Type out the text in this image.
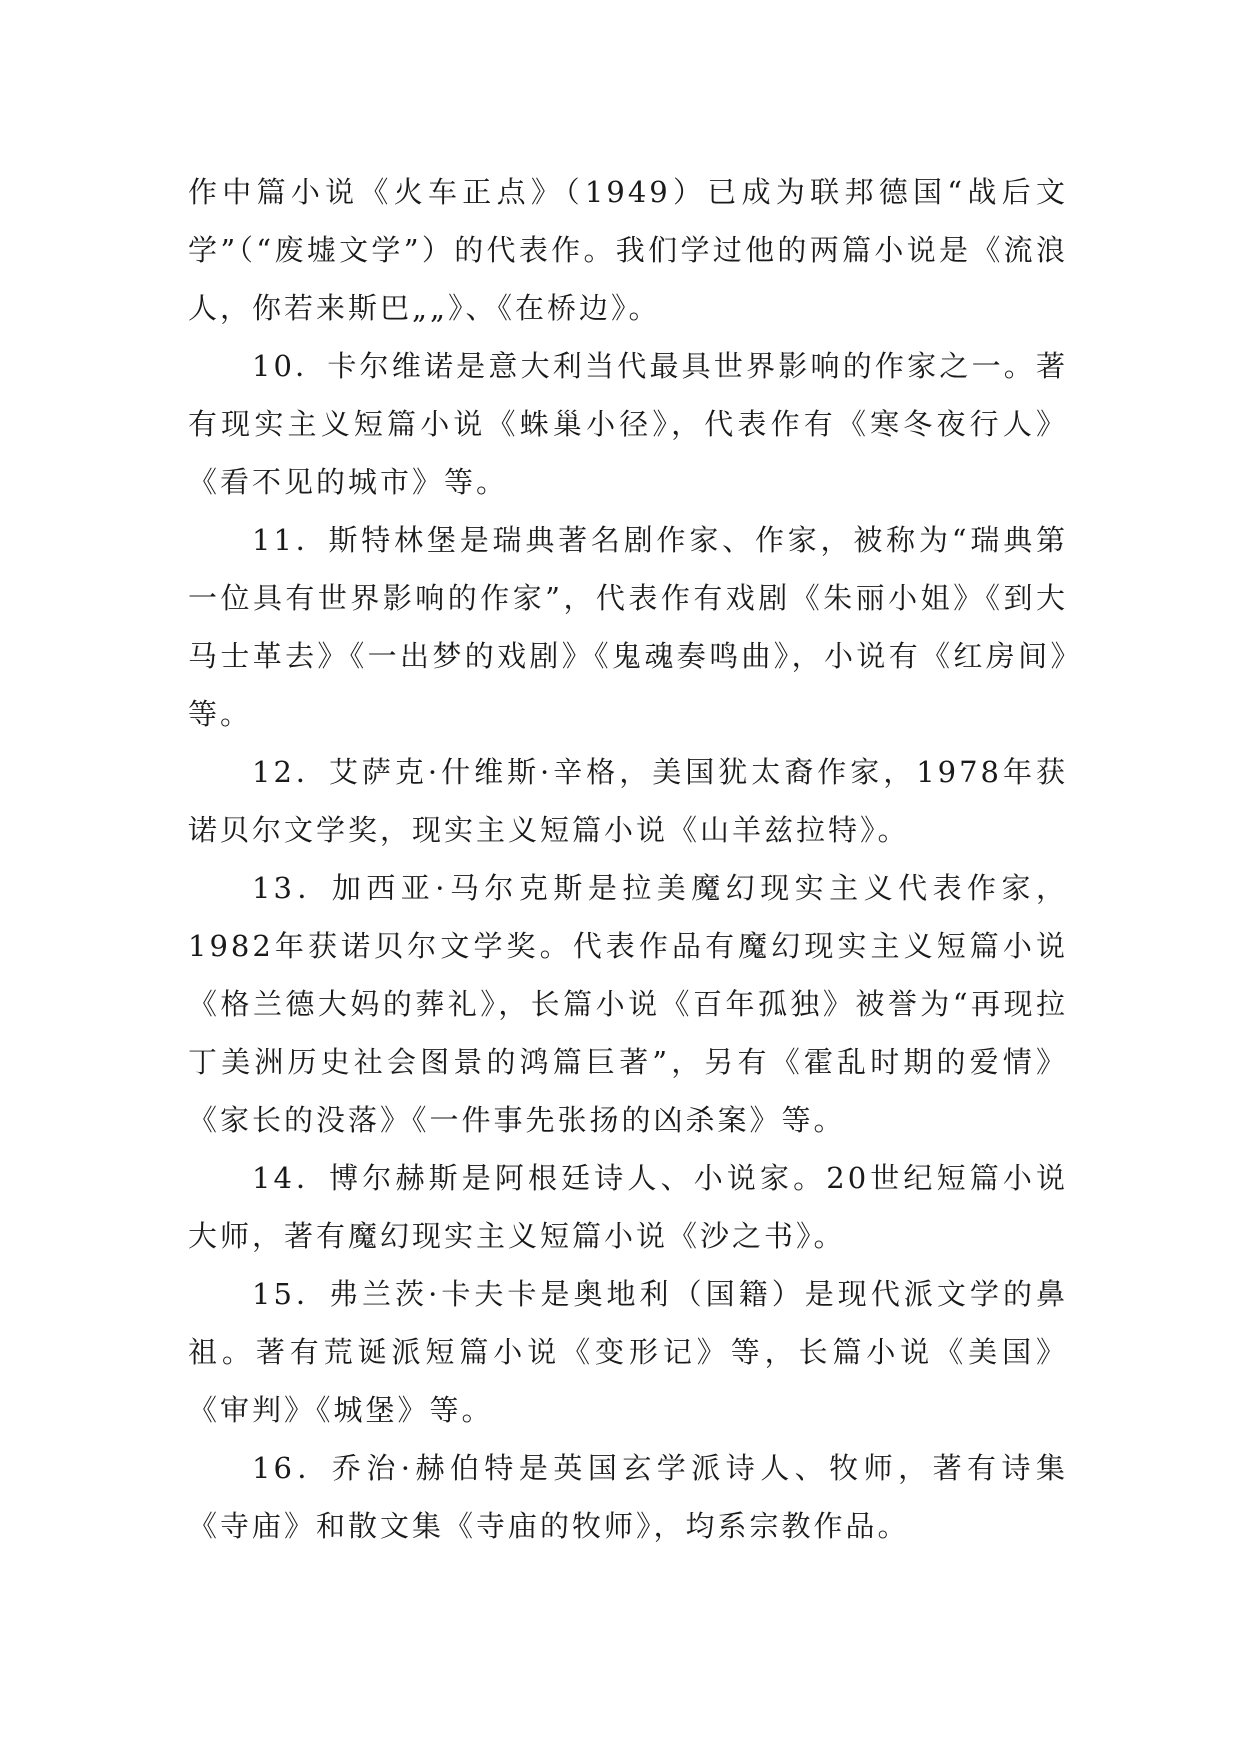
作中篇小说《火车正点》（1949）已成为联邦德国“战后文学”（“废墟文学”）的代表作。我们学过他的两篇小说是《流浪人，你若来斯巴„„》、《在桥边》。

10．卡尔维诺是意大利当代最具世界影响的作家之一。著有现实主义短篇小说《蛛巢小径》，代表作有《寒冬夜行人》《看不见的城市》等。

11．斯特林堡是瑞典著名剧作家、作家，被称为“瑞典第一位具有世界影响的作家”，代表作有戏剧《朱丽小姐》《到大马士革去》《一出梦的戏剧》《鬼魂奏鸣曲》，小说有《红房间》等。

12．艾萨克·什维斯·辛格，美国犹太裔作家，1978年获诺贝尔文学奖，现实主义短篇小说《山羊兹拉特》。

13．加西亚·马尔克斯是拉美魔幻现实主义代表作家，1982年获诺贝尔文学奖。代表作品有魔幻现实主义短篇小说《格兰德大妈的葬礼》，长篇小说《百年孤独》被誉为“再现拉丁美洲历史社会图景的鸿篇巨著”，另有《霍乱时期的爱情》《家长的没落》《一件事先张扬的凶杀案》等。

14．博尔赫斯是阿根廷诗人、小说家。20世纪短篇小说大师，著有魔幻现实主义短篇小说《沙之书》。

15．弗兰茨·卡夫卡是奥地利（国籍）是现代派文学的鼻祖。著有荒诞派短篇小说《变形记》等，长篇小说《美国》《审判》《城堡》等。

16．乔治·赫伯特是英国玄学派诗人、牧师，著有诗集《寺庙》和散文集《寺庙的牧师》，均系宗教作品。
